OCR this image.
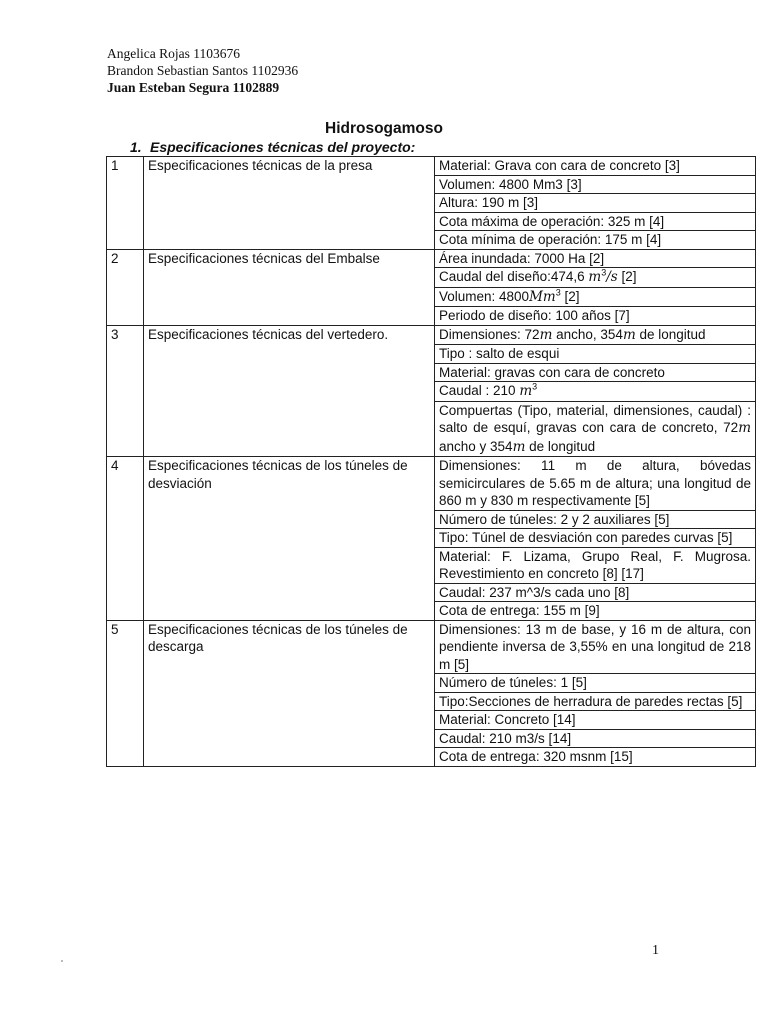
Angelica Rojas 1103676
Brandon Sebastian Santos 1102936
Juan Esteban Segura 1102889
Hidrosogamoso
1. Especificaciones técnicas del proyecto:
1	Especificaciones técnicas de la presa	Material: Grava con cara de concreto [3]
		Volumen: 4800 Mm3 [3]
		Altura: 190 m [3]
		Cota máxima de operación: 325 m [4]
		Cota mínima de operación: 175 m [4]
2	Especificaciones técnicas del Embalse	Área inundada: 7000 Ha [2]
		Caudal del diseño:474,6 $m^3/s$ [2]
		Volumen: 4800Mm$^3$ [2]
		Periodo de diseño: 100 años [7]
3	Especificaciones técnicas del vertedero.	Dimensiones: 72m ancho, 354m de longitud
		Tipo : salto de esqui
		Material: gravas con cara de concreto
		Caudal : 210 $m^3$
		Compuertas (Tipo, material, dimensiones, caudal) : salto de esquí, gravas con cara de concreto, 72m ancho y 354m de longitud
4	Especificaciones técnicas de los túneles de desviación	Dimensiones: 11 m de altura, bóvedas semicirculares de 5.65 m de altura; una longitud de 860 m y 830 m respectivamente [5]
		Número de túneles: 2 y 2 auxiliares [5]
		Tipo: Túnel de desviación con paredes curvas [5]
		Material: F. Lizama, Grupo Real, F. Mugrosa. Revestimiento en concreto [8] [17]
		Caudal: 237 m^3/s cada uno [8]
		Cota de entrega: 155 m [9]
5	Especificaciones técnicas de los túneles de descarga	Dimensiones: 13 m de base, y 16 m de altura, con pendiente inversa de 3,55% en una longitud de 218 m [5]
		Número de túneles: 1 [5]
		Tipo:Secciones de herradura de paredes rectas [5]
		Material: Concreto [14]
		Caudal: 210 m3/s [14]
		Cota de entrega: 320 msnm [15]
1
